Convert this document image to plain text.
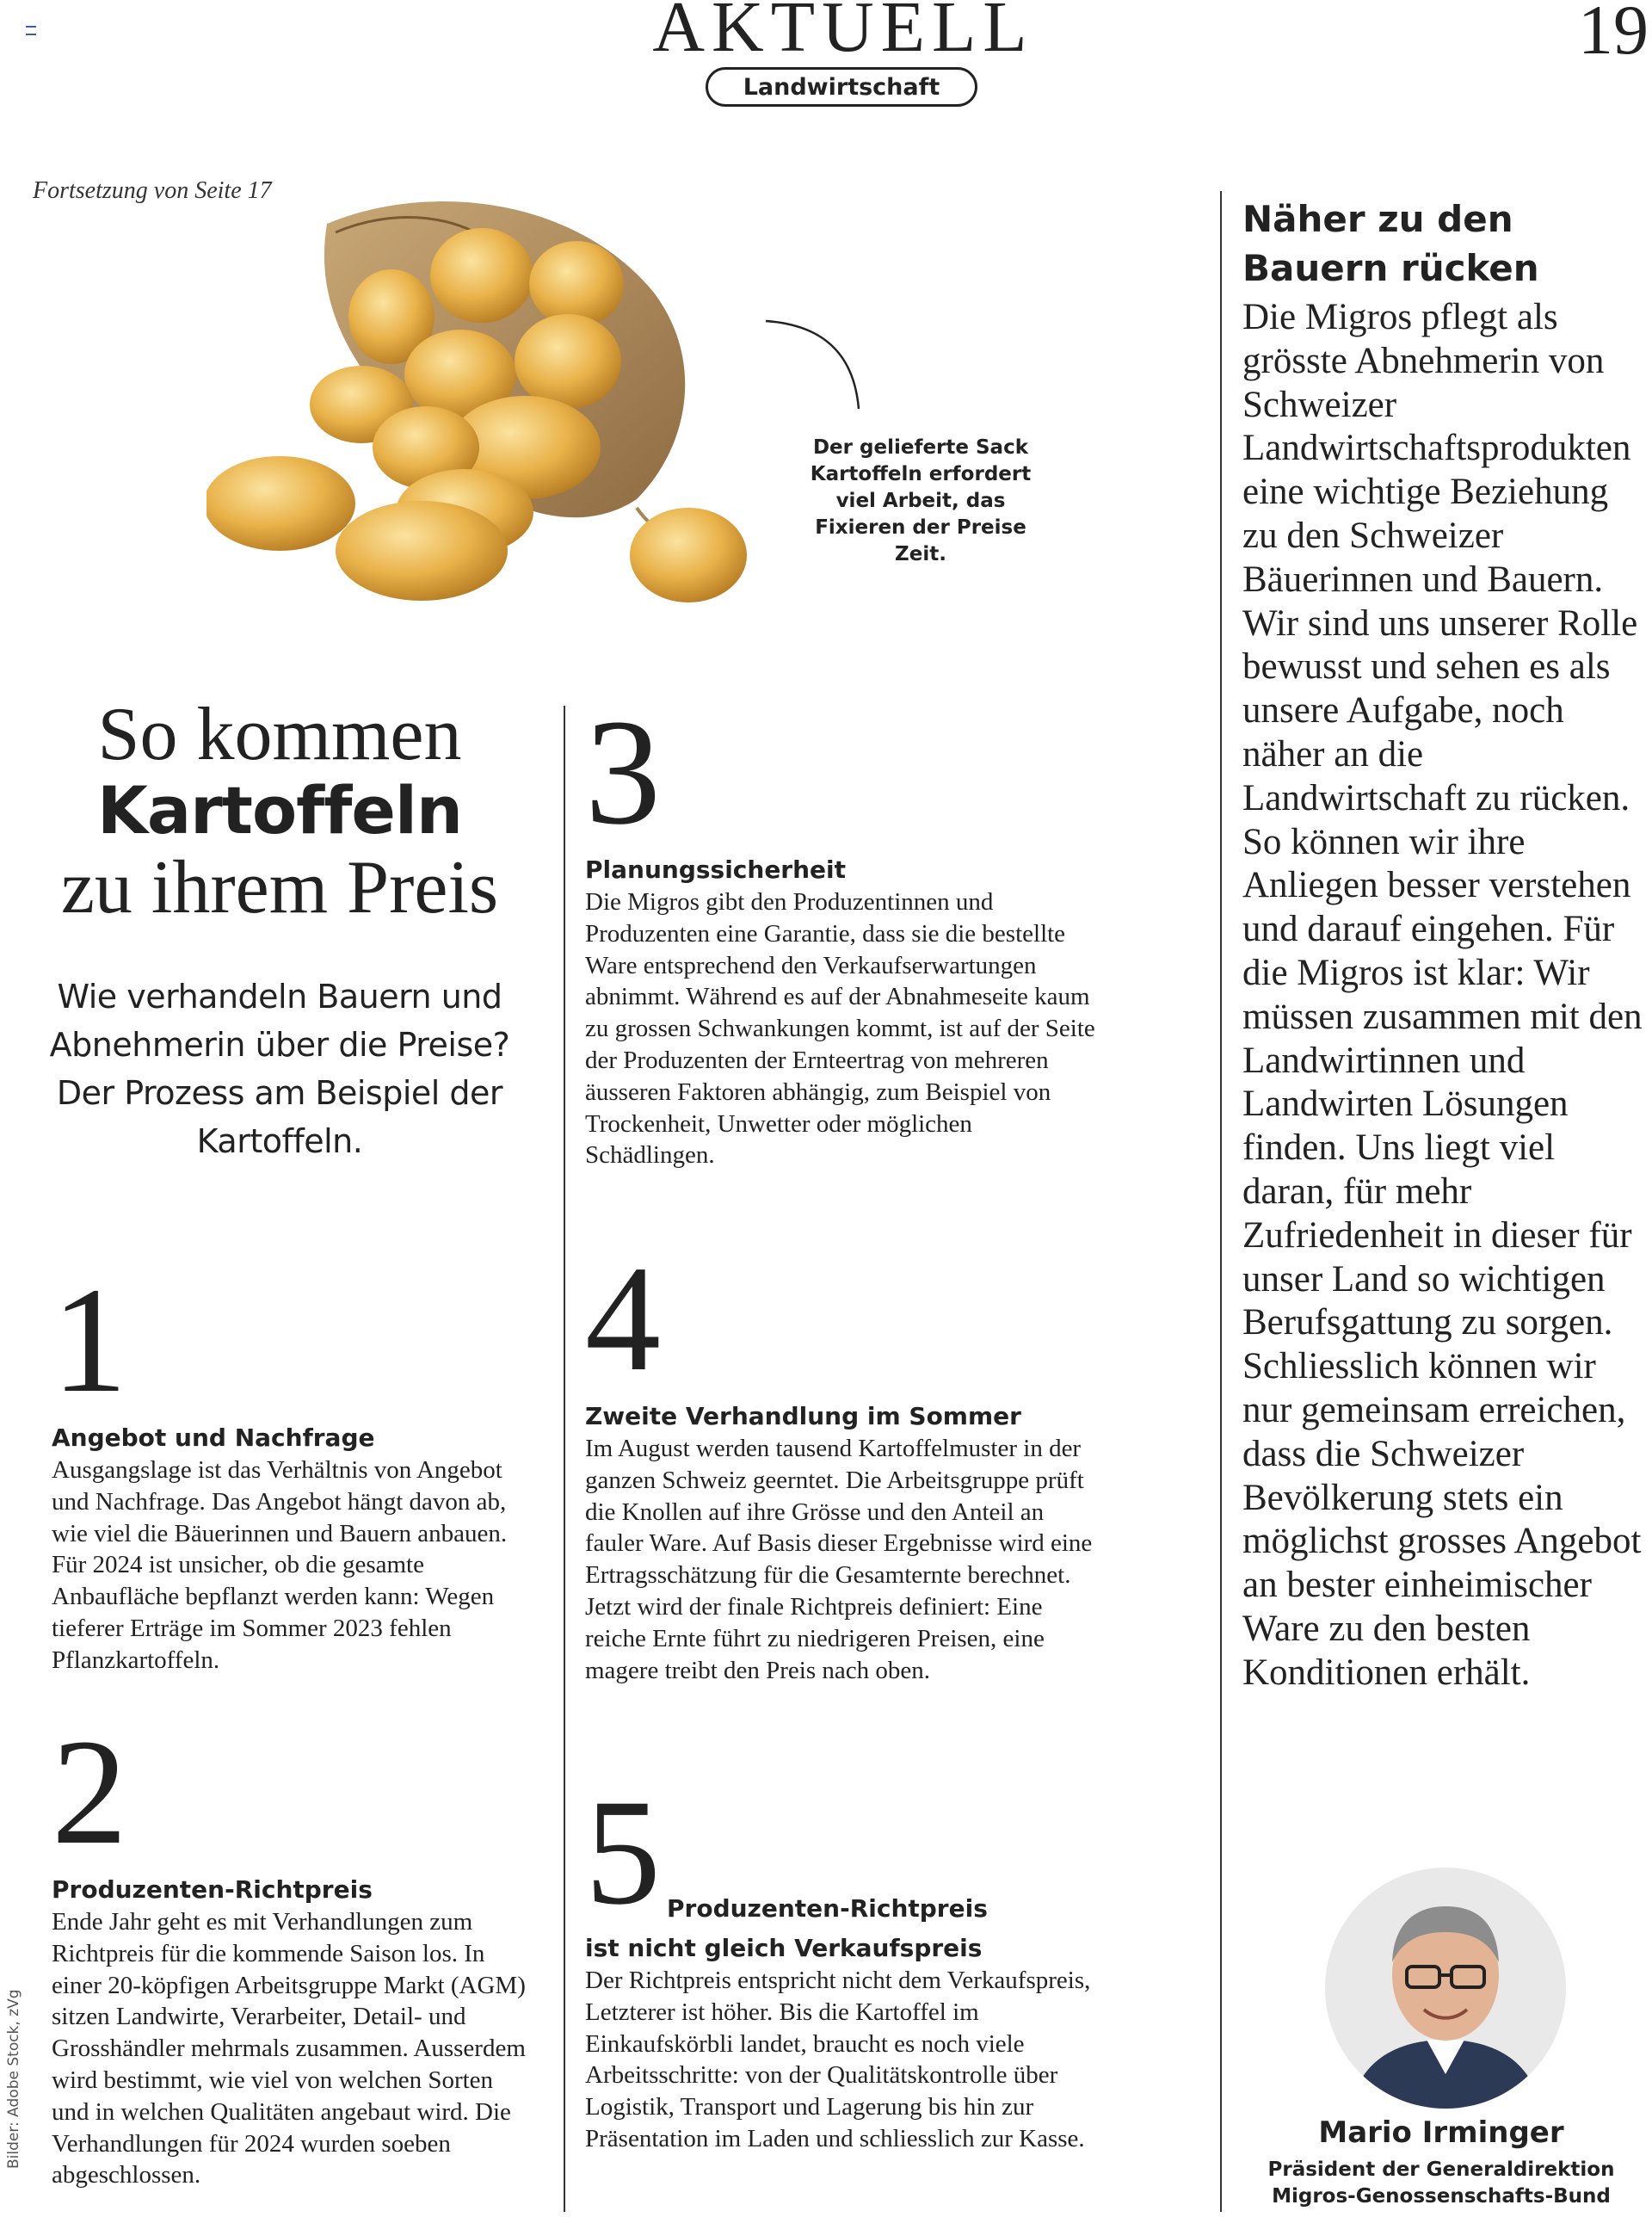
AKTUELL	19
Landwirtschaft
Fortsetzung von Seite 17
Der gelieferte Sack Kartoffeln erfordert viel Arbeit, das Fixieren der Preise Zeit.
So kommen
Kartoffeln
zu ihrem Preis
Wie verhandeln Bauern und Abnehmerin über die Preise? Der Prozess am Beispiel der Kartoffeln.
1
Angebot und Nachfrage
Ausgangslage ist das Verhältnis von Angebot und Nachfrage. Das Angebot hängt davon ab, wie viel die Bäuerinnen und Bauern anbauen. Für 2024 ist unsicher, ob die gesamte Anbaufläche bepflanzt werden kann: Wegen tieferer Erträge im Sommer 2023 fehlen Pflanzkartoffeln.
2
Produzenten-Richtpreis
Ende Jahr geht es mit Verhandlungen zum Richtpreis für die kommende Saison los. In einer 20-köpfigen Arbeitsgruppe Markt (AGM) sitzen Landwirte, Verarbeiter, Detail- und Grosshändler mehrmals zusammen. Ausserdem wird bestimmt, wie viel von welchen Sorten und in welchen Qualitäten angebaut wird. Die Verhandlungen für 2024 wurden soeben abgeschlossen.
3
Planungssicherheit
Die Migros gibt den Produzentinnen und Produzenten eine Garantie, dass sie die bestellte Ware entsprechend den Verkaufserwartungen abnimmt. Während es auf der Abnahmeseite kaum zu grossen Schwankungen kommt, ist auf der Seite der Produzenten der Ernteertrag von mehreren äusseren Faktoren abhängig, zum Beispiel von Trockenheit, Unwetter oder möglichen Schädlingen.
4
Zweite Verhandlung im Sommer
Im August werden tausend Kartoffelmuster in der ganzen Schweiz geerntet. Die Arbeitsgruppe prüft die Knollen auf ihre Grösse und den Anteil an fauler Ware. Auf Basis dieser Ergebnisse wird eine Ertragsschätzung für die Gesamternte berechnet. Jetzt wird der finale Richtpreis definiert: Eine reiche Ernte führt zu niedrigeren Preisen, eine magere treibt den Preis nach oben.
5 Produzenten-Richtpreis
ist nicht gleich Verkaufspreis
Der Richtpreis entspricht nicht dem Verkaufspreis, Letzterer ist höher. Bis die Kartoffel im Einkaufskörbli landet, braucht es noch viele Arbeitsschritte: von der Qualitätskontrolle über Logistik, Transport und Lagerung bis hin zur Präsentation im Laden und schliesslich zur Kasse.
Näher zu den Bauern rücken
Die Migros pflegt als grösste Abnehmerin von Schweizer Landwirtschaftsprodukten eine wichtige Beziehung zu den Schweizer Bäuerinnen und Bauern. Wir sind uns unserer Rolle bewusst und sehen es als unsere Aufgabe, noch näher an die Landwirtschaft zu rücken. So können wir ihre Anliegen besser verstehen und darauf eingehen. Für die Migros ist klar: Wir müssen zusammen mit den Landwirtinnen und Landwirten Lösungen finden. Uns liegt viel daran, für mehr Zufriedenheit in dieser für unser Land so wichtigen Berufsgattung zu sorgen. Schliesslich können wir nur gemeinsam erreichen, dass die Schweizer Bevölkerung stets ein möglichst grosses Angebot an bester einheimischer Ware zu den besten Konditionen erhält.
Mario Irminger
Präsident der Generaldirektion
Migros-Genossenschafts-Bund
Bilder: Adobe Stock, zVg
